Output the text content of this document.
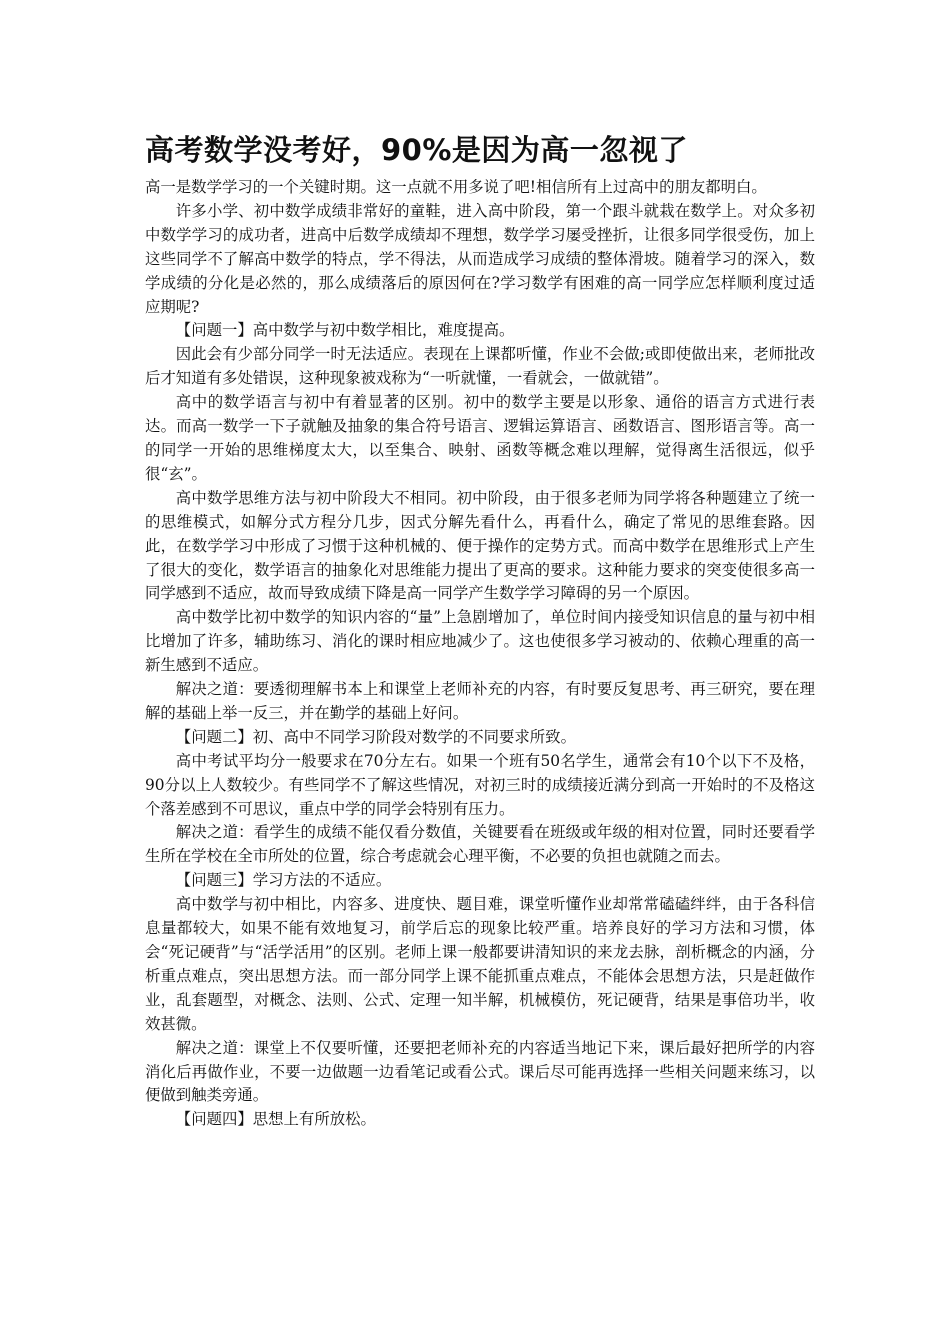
高考数学没考好，90%是因为高一忽视了

高一是数学学习的一个关键时期。这一点就不用多说了吧!相信所有上过高中的朋友都明白。

许多小学、初中数学成绩非常好的童鞋，进入高中阶段，第一个跟斗就栽在数学上。对众多初中数学学习的成功者，进高中后数学成绩却不理想，数学学习屡受挫折，让很多同学很受伤，加上这些同学不了解高中数学的特点，学不得法，从而造成学习成绩的整体滑坡。随着学习的深入，数学成绩的分化是必然的，那么成绩落后的原因何在?学习数学有困难的高一同学应怎样顺利度过适应期呢?

【问题一】高中数学与初中数学相比，难度提高。

因此会有少部分同学一时无法适应。表现在上课都听懂，作业不会做;或即使做出来，老师批改后才知道有多处错误，这种现象被戏称为“一听就懂，一看就会，一做就错”。

高中的数学语言与初中有着显著的区别。初中的数学主要是以形象、通俗的语言方式进行表达。而高一数学一下子就触及抽象的集合符号语言、逻辑运算语言、函数语言、图形语言等。高一的同学一开始的思维梯度太大，以至集合、映射、函数等概念难以理解，觉得离生活很远，似乎很“玄”。

高中数学思维方法与初中阶段大不相同。初中阶段，由于很多老师为同学将各种题建立了统一的思维模式，如解分式方程分几步，因式分解先看什么，再看什么，确定了常见的思维套路。因此，在数学学习中形成了习惯于这种机械的、便于操作的定势方式。而高中数学在思维形式上产生了很大的变化，数学语言的抽象化对思维能力提出了更高的要求。这种能力要求的突变使很多高一同学感到不适应，故而导致成绩下降是高一同学产生数学学习障碍的另一个原因。

高中数学比初中数学的知识内容的“量”上急剧增加了，单位时间内接受知识信息的量与初中相比增加了许多，辅助练习、消化的课时相应地减少了。这也使很多学习被动的、依赖心理重的高一新生感到不适应。

解决之道：要透彻理解书本上和课堂上老师补充的内容，有时要反复思考、再三研究，要在理解的基础上举一反三，并在勤学的基础上好问。

【问题二】初、高中不同学习阶段对数学的不同要求所致。

高中考试平均分一般要求在70分左右。如果一个班有50名学生，通常会有10个以下不及格，90分以上人数较少。有些同学不了解这些情况，对初三时的成绩接近满分到高一开始时的不及格这个落差感到不可思议，重点中学的同学会特别有压力。

解决之道：看学生的成绩不能仅看分数值，关键要看在班级或年级的相对位置，同时还要看学生所在学校在全市所处的位置，综合考虑就会心理平衡，不必要的负担也就随之而去。

【问题三】学习方法的不适应。

高中数学与初中相比，内容多、进度快、题目难，课堂听懂作业却常常磕磕绊绊，由于各科信息量都较大，如果不能有效地复习，前学后忘的现象比较严重。培养良好的学习方法和习惯，体会“死记硬背”与“活学活用”的区别。老师上课一般都要讲清知识的来龙去脉，剖析概念的内涵，分析重点难点，突出思想方法。而一部分同学上课不能抓重点难点，不能体会思想方法，只是赶做作业，乱套题型，对概念、法则、公式、定理一知半解，机械模仿，死记硬背，结果是事倍功半，收效甚微。

解决之道：课堂上不仅要听懂，还要把老师补充的内容适当地记下来，课后最好把所学的内容消化后再做作业，不要一边做题一边看笔记或看公式。课后尽可能再选择一些相关问题来练习，以便做到触类旁通。

【问题四】思想上有所放松。
